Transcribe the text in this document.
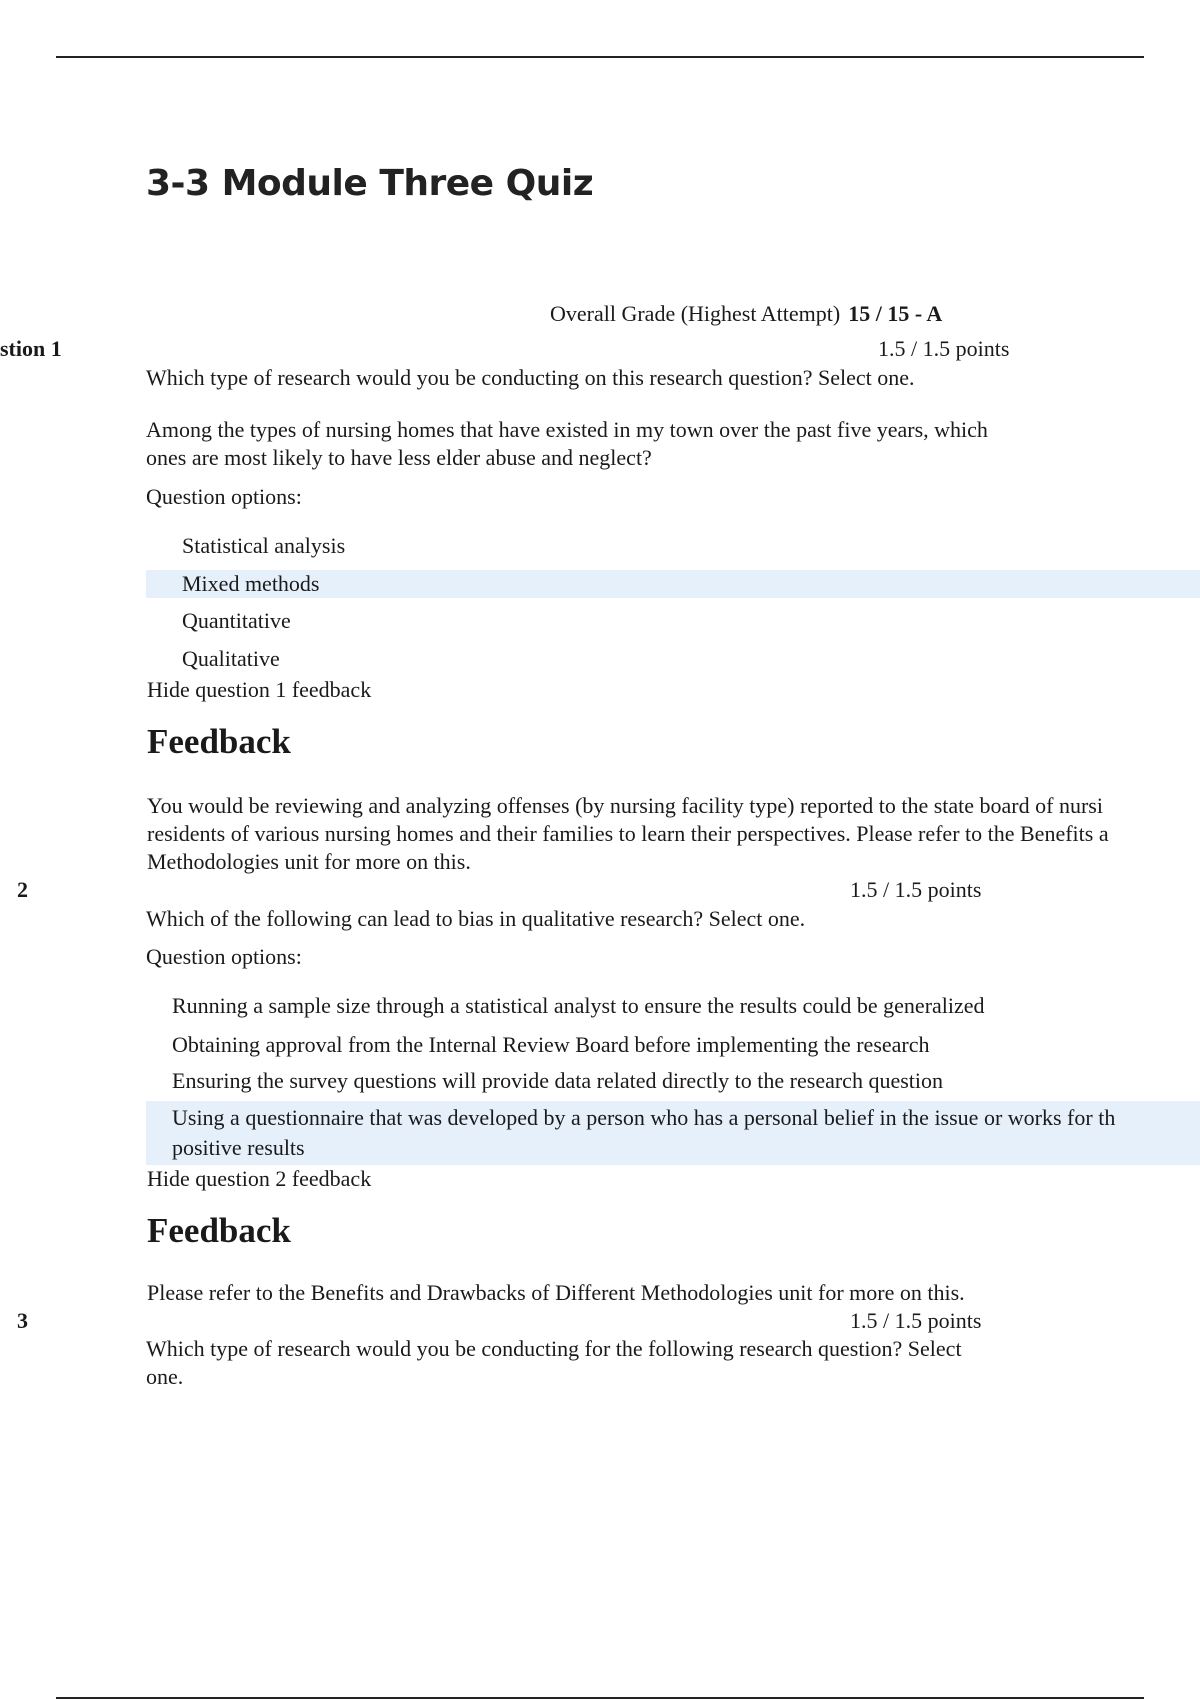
3-3 Module Three Quiz
Overall Grade (Highest Attempt) 15 / 15 - A
stion 1	1.5 / 1.5 points
Which type of research would you be conducting on this research question? Select one.
Among the types of nursing homes that have existed in my town over the past five years, which
ones are most likely to have less elder abuse and neglect?
Question options:
Statistical analysis
Mixed methods
Quantitative
Qualitative
Hide question 1 feedback
Feedback
You would be reviewing and analyzing offenses (by nursing facility type) reported to the state board of nursi
residents of various nursing homes and their families to learn their perspectives. Please refer to the Benefits a
Methodologies unit for more on this.
2	1.5 / 1.5 points
Which of the following can lead to bias in qualitative research? Select one.
Question options:
Running a sample size through a statistical analyst to ensure the results could be generalized
Obtaining approval from the Internal Review Board before implementing the research
Ensuring the survey questions will provide data related directly to the research question
Using a questionnaire that was developed by a person who has a personal belief in the issue or works for th
positive results
Hide question 2 feedback
Feedback
Please refer to the Benefits and Drawbacks of Different Methodologies unit for more on this.
3	1.5 / 1.5 points
Which type of research would you be conducting for the following research question? Select
one.
